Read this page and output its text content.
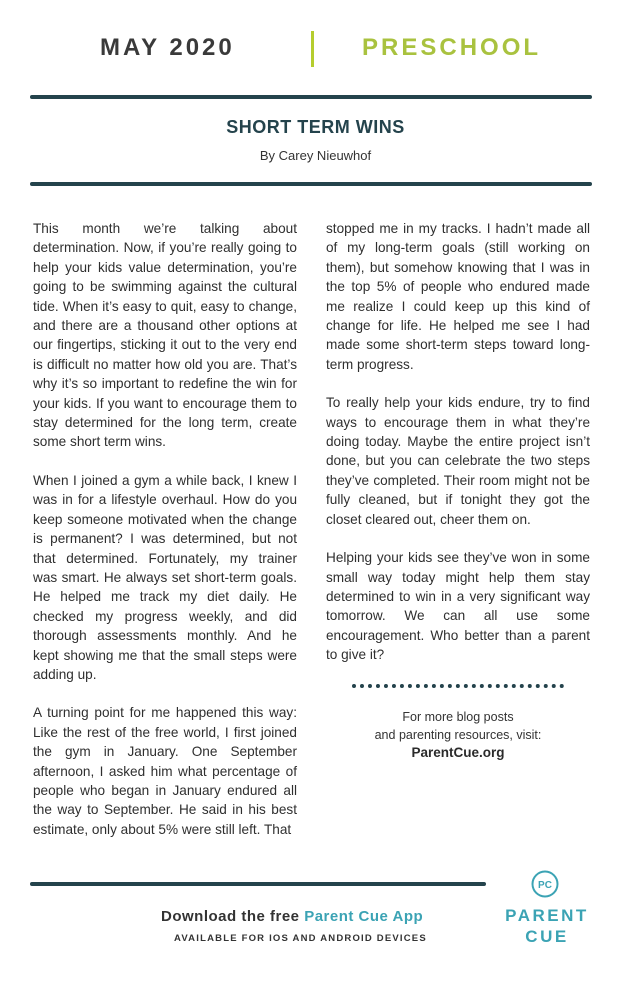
MAY 2020	PRESCHOOL
SHORT TERM WINS
By Carey Nieuwhof

This month we’re talking about determination. Now, if you’re really going to help your kids value determination, you’re going to be swimming against the cultural tide. When it’s easy to quit, easy to change, and there are a thousand other options at our fingertips, sticking it out to the very end is difficult no matter how old you are. That’s why it’s so important to redefine the win for your kids. If you want to encourage them to stay determined for the long term, create some short term wins.

When I joined a gym a while back, I knew I was in for a lifestyle overhaul. How do you keep someone motivated when the change is permanent? I was determined, but not that determined. Fortunately, my trainer was smart. He always set short-term goals. He helped me track my diet daily. He checked my progress weekly, and did thorough assessments monthly. And he kept showing me that the small steps were adding up.

A turning point for me happened this way: Like the rest of the free world, I first joined the gym in January. One September afternoon, I asked him what percentage of people who began in January endured all the way to September. He said in his best estimate, only about 5% were still left. That

stopped me in my tracks. I hadn’t made all of my long-term goals (still working on them), but somehow knowing that I was in the top 5% of people who endured made me realize I could keep up this kind of change for life. He helped me see I had made some short-term steps toward long-term progress.

To really help your kids endure, try to find ways to encourage them in what they’re doing today. Maybe the entire project isn’t done, but you can celebrate the two steps they’ve completed. Their room might not be fully cleaned, but if tonight they got the closet cleared out, cheer them on.

Helping your kids see they’ve won in some small way today might help them stay determined to win in a very significant way tomorrow. We can all use some encouragement. Who better than a parent to give it?

For more blog posts
and parenting resources, visit:
ParentCue.org
Download the free Parent Cue App
AVAILABLE FOR IOS AND ANDROID DEVICES
PC
PARENT
CUE
